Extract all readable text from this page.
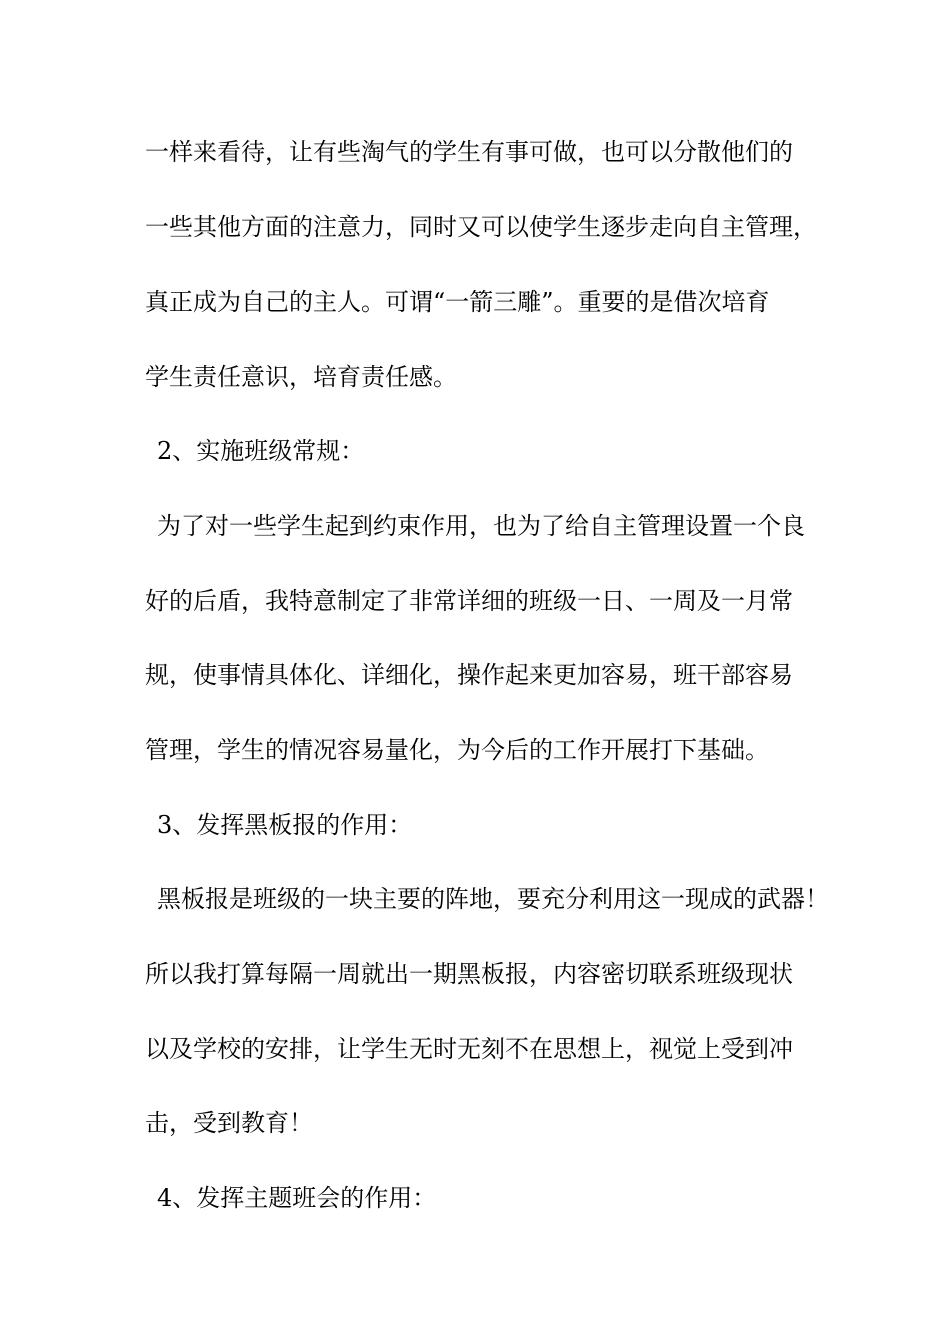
一样来看待，让有些淘气的学生有事可做，也可以分散他们的
一些其他方面的注意力，同时又可以使学生逐步走向自主管理，
真正成为自己的主人。可谓“一箭三雕”。重要的是借次培育
学生责任意识，培育责任感。
2、实施班级常规：
为了对一些学生起到约束作用，也为了给自主管理设置一个良
好的后盾，我特意制定了非常详细的班级一日、一周及一月常
规，使事情具体化、详细化，操作起来更加容易，班干部容易
管理，学生的情况容易量化，为今后的工作开展打下基础。
3、发挥黑板报的作用：
黑板报是班级的一块主要的阵地，要充分利用这一现成的武器！
所以我打算每隔一周就出一期黑板报，内容密切联系班级现状
以及学校的安排，让学生无时无刻不在思想上，视觉上受到冲
击，受到教育！
4、发挥主题班会的作用：
